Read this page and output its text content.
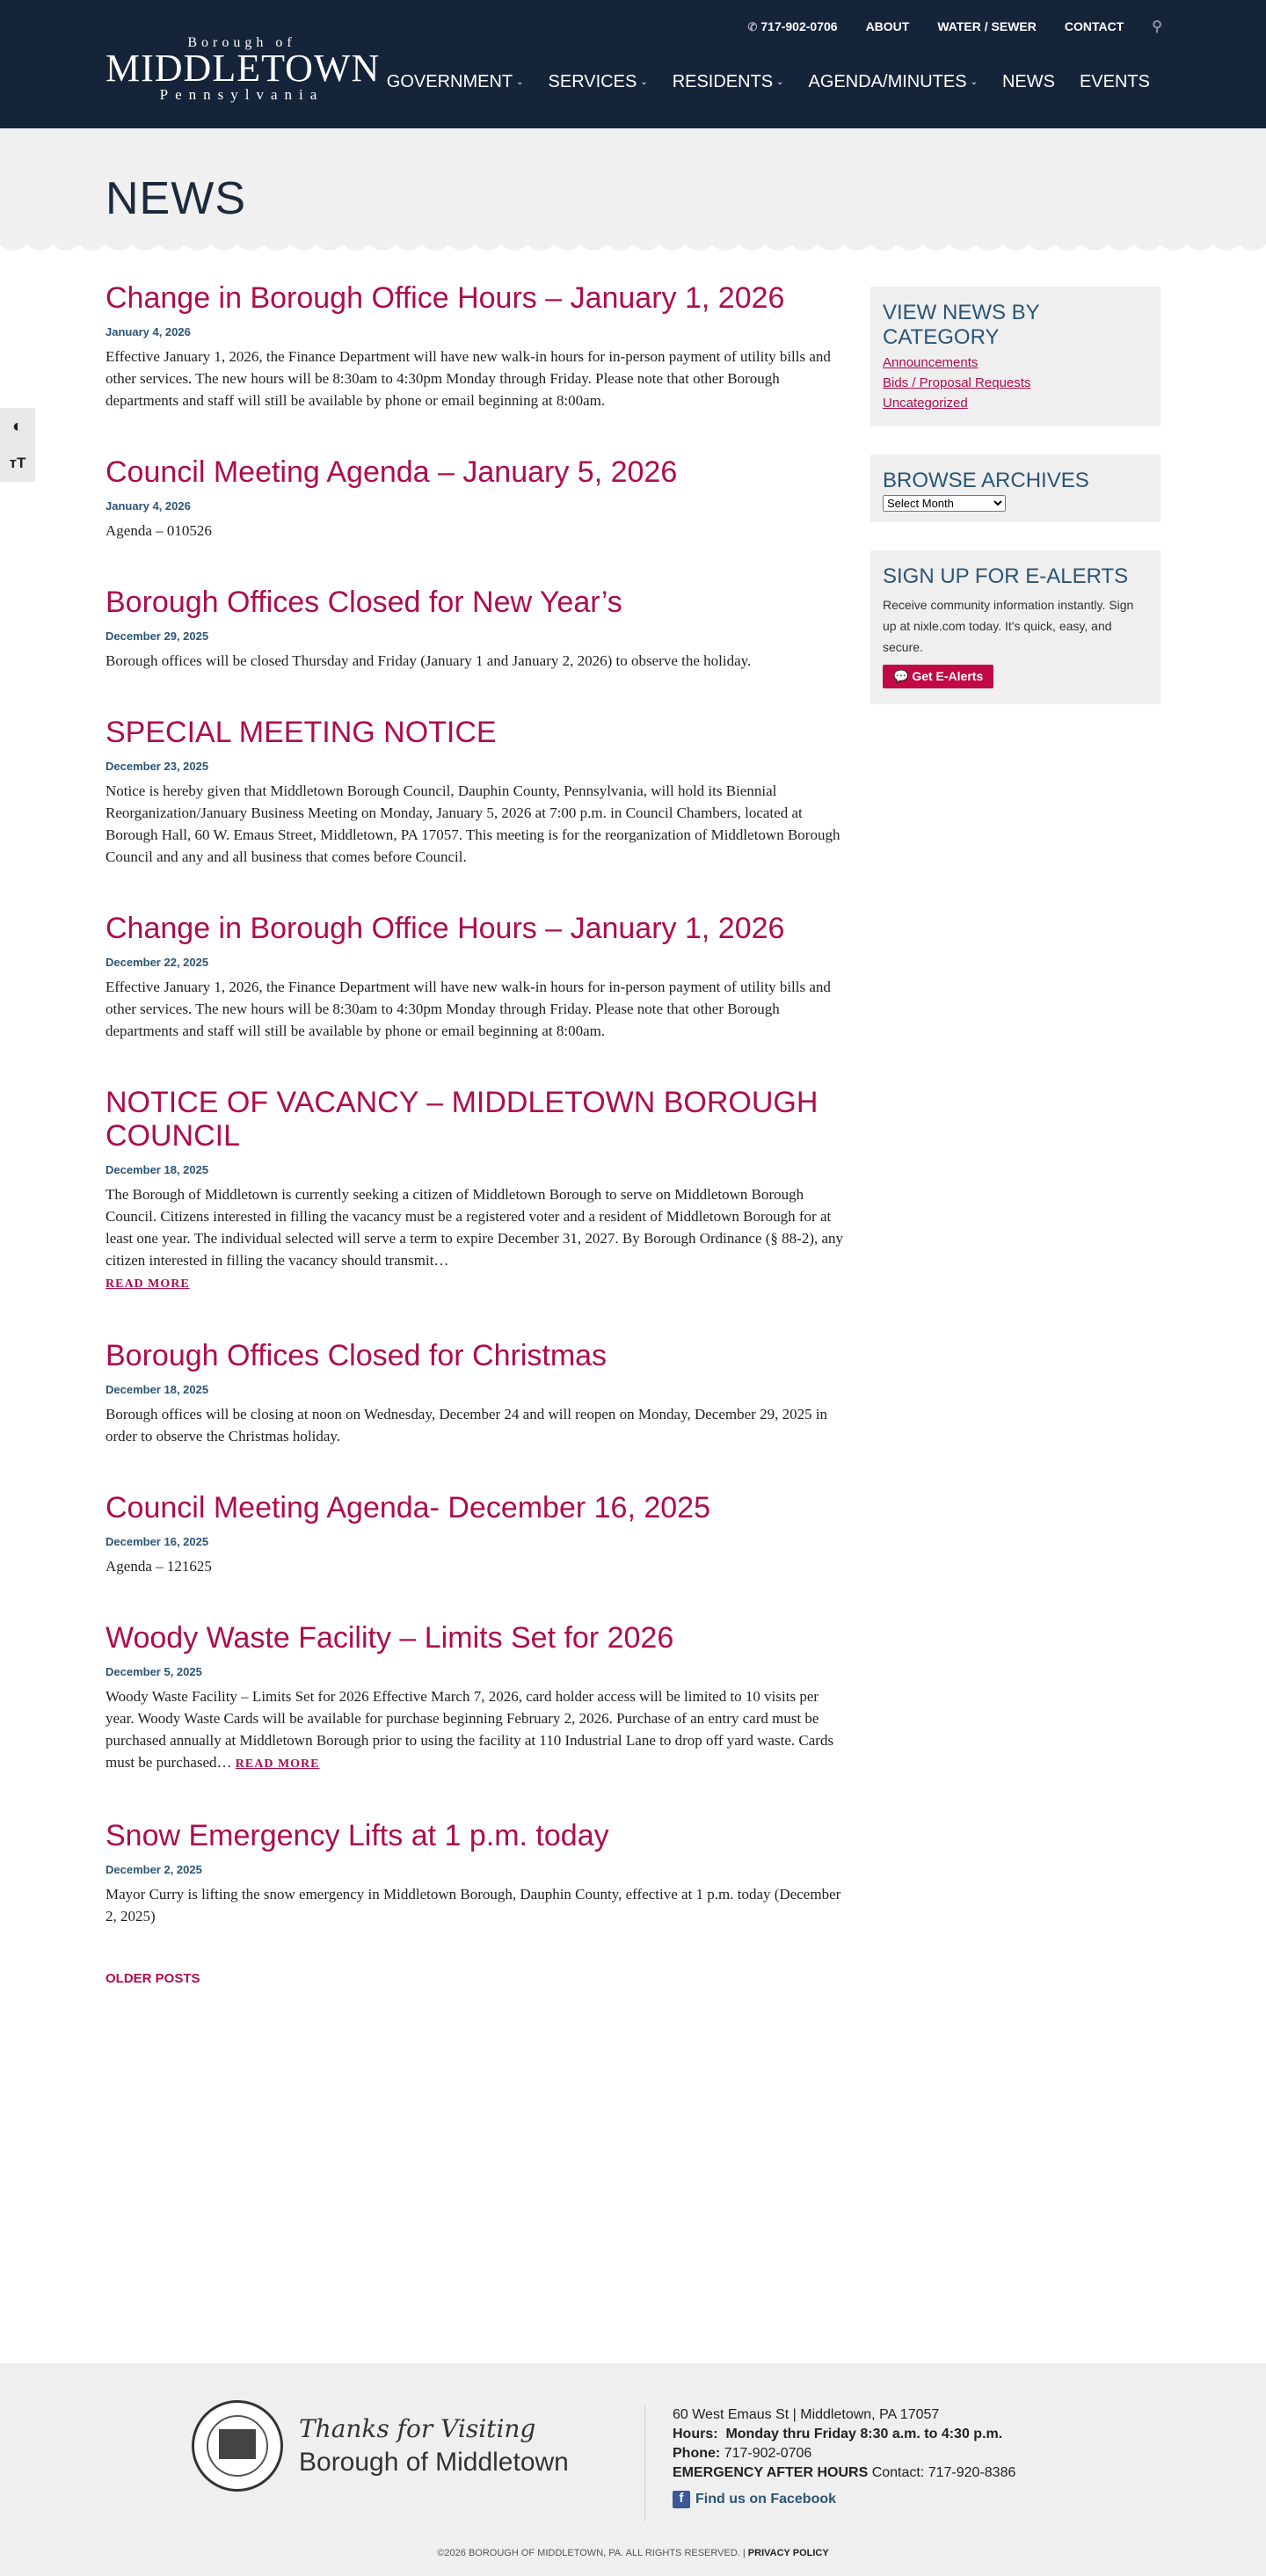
Borough of
MIDDLETOWN
Pennsylvania
✆ 717-902-0706 ABOUT WATER / SEWER CONTACT ⚲
GOVERNMENT ⌄ SERVICES ⌄ RESIDENTS ⌄ AGENDA/MINUTES ⌄ NEWS EVENTS
NEWS
◐
тТ
Change in Borough Office Hours – January 1, 2026
January 4, 2026
Effective January 1, 2026, the Finance Department will have new walk-in hours for in-person payment of utility bills and other services. The new hours will be 8:30am to 4:30pm Monday through Friday. Please note that other Borough departments and staff will still be available by phone or email beginning at 8:00am.
Council Meeting Agenda – January 5, 2026
January 4, 2026
Agenda – 010526
Borough Offices Closed for New Year’s
December 29, 2025
Borough offices will be closed Thursday and Friday (January 1 and January 2, 2026) to observe the holiday.
SPECIAL MEETING NOTICE
December 23, 2025
Notice is hereby given that Middletown Borough Council, Dauphin County, Pennsylvania, will hold its Biennial Reorganization/January Business Meeting on Monday, January 5, 2026 at 7:00 p.m. in Council Chambers, located at Borough Hall, 60 W. Emaus Street, Middletown, PA 17057. This meeting is for the reorganization of Middletown Borough Council and any and all business that comes before Council.
Change in Borough Office Hours – January 1, 2026
December 22, 2025
Effective January 1, 2026, the Finance Department will have new walk-in hours for in-person payment of utility bills and other services. The new hours will be 8:30am to 4:30pm Monday through Friday. Please note that other Borough departments and staff will still be available by phone or email beginning at 8:00am.
NOTICE OF VACANCY – MIDDLETOWN BOROUGH COUNCIL
December 18, 2025
The Borough of Middletown is currently seeking a citizen of Middletown Borough to serve on Middletown Borough Council. Citizens interested in filling the vacancy must be a registered voter and a resident of Middletown Borough for at least one year. The individual selected will serve a term to expire December 31, 2027. By Borough Ordinance (§ 88-2), any citizen interested in filling the vacancy should transmit…
READ MORE
Borough Offices Closed for Christmas
December 18, 2025
Borough offices will be closing at noon on Wednesday, December 24 and will reopen on Monday, December 29, 2025 in order to observe the Christmas holiday.
Council Meeting Agenda- December 16, 2025
December 16, 2025
Agenda – 121625
Woody Waste Facility – Limits Set for 2026
December 5, 2025
Woody Waste Facility – Limits Set for 2026 Effective March 7, 2026, card holder access will be limited to 10 visits per year. Woody Waste Cards will be available for purchase beginning February 2, 2026. Purchase of an entry card must be purchased annually at Middletown Borough prior to using the facility at 110 Industrial Lane to drop off yard waste. Cards must be purchased… READ MORE
Snow Emergency Lifts at 1 p.m. today
December 2, 2025
Mayor Curry is lifting the snow emergency in Middletown Borough, Dauphin County, effective at 1 p.m. today (December 2, 2025)
OLDER POSTS
VIEW NEWS BY CATEGORY
Announcements
Bids / Proposal Requests
Uncategorized
BROWSE ARCHIVES
Select Month
SIGN UP FOR E-ALERTS

Receive community information instantly. Sign up at nixle.com today. It's quick, easy, and secure.

💬 Get E-Alerts
Thanks for Visiting
Borough of Middletown
60 West Emaus St | Middletown, PA 17057
Hours: Monday thru Friday 8:30 a.m. to 4:30 p.m.
Phone: 717-902-0706
EMERGENCY AFTER HOURS Contact: 717-920-8386
f Find us on Facebook
©2026 BOROUGH OF MIDDLETOWN, PA. ALL RIGHTS RESERVED. | PRIVACY POLICY
